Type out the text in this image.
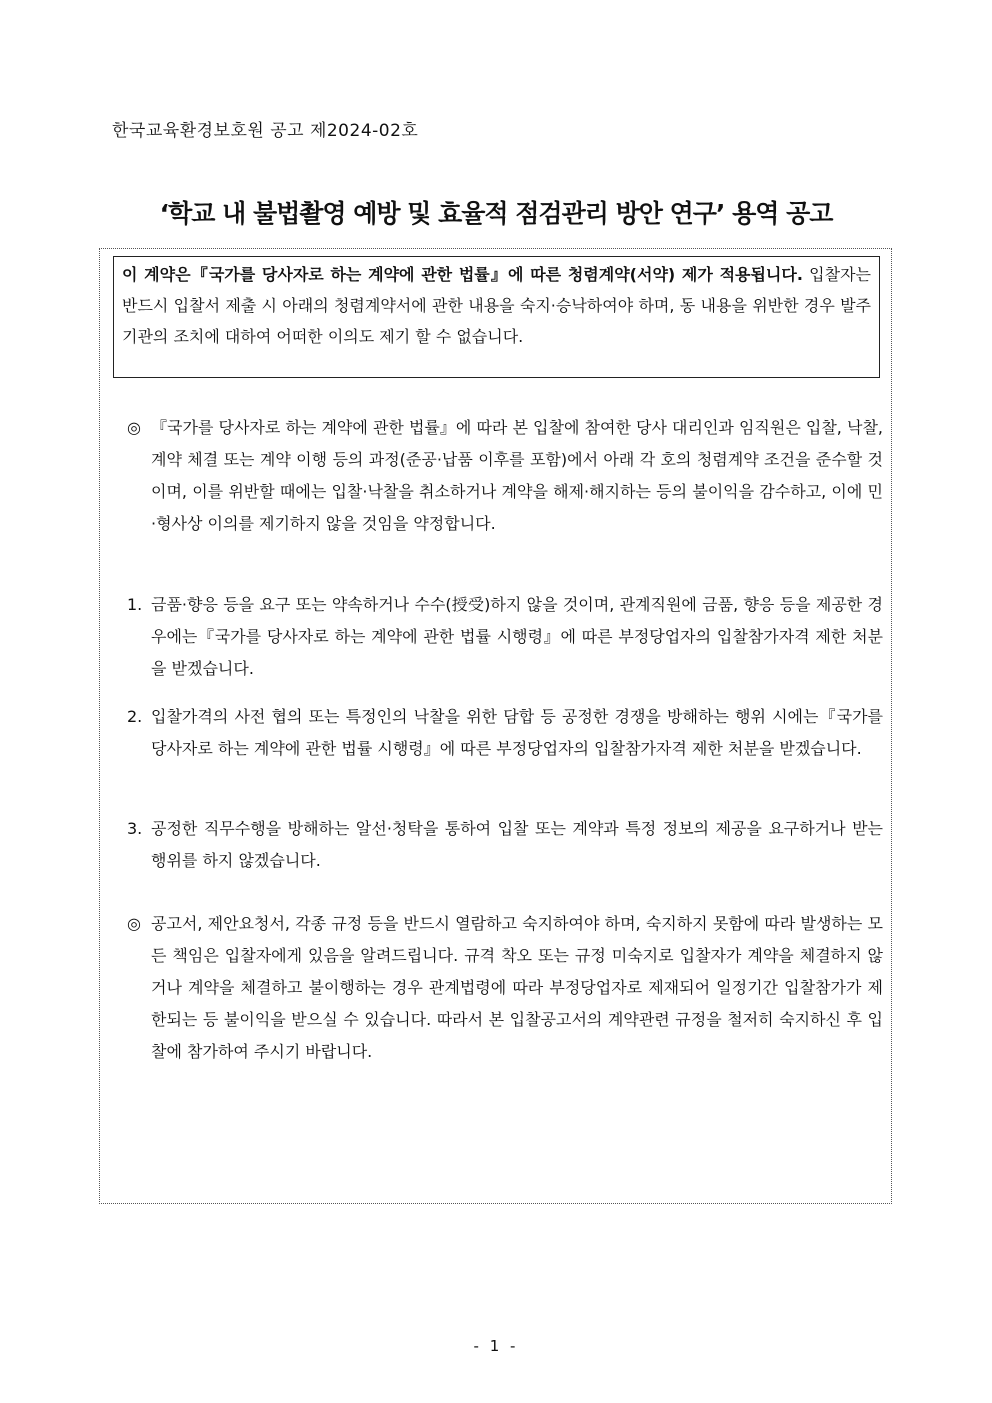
한국교육환경보호원 공고 제2024-02호
‘학교 내 불법촬영 예방 및 효율적 점검관리 방안 연구’ 용역 공고
이 계약은『국가를 당사자로 하는 계약에 관한 법률』에 따른 청렴계약(서약) 제가 적용됩니다. 입찰자는 반드시 입찰서 제출 시 아래의 청렴계약서에 관한 내용을 숙지·승낙하여야 하며, 동 내용을 위반한 경우 발주기관의 조치에 대하여 어떠한 이의도 제기 할 수 없습니다.
◎ 『국가를 당사자로 하는 계약에 관한 법률』에 따라 본 입찰에 참여한 당사 대리인과 임직원은 입찰, 낙찰, 계약 체결 또는 계약 이행 등의 과정(준공·납품 이후를 포함)에서 아래 각 호의 청렴계약 조건을 준수할 것이며, 이를 위반할 때에는 입찰·낙찰을 취소하거나 계약을 해제·해지하는 등의 불이익을 감수하고, 이에 민·형사상 이의를 제기하지 않을 것임을 약정합니다.
1. 금품·향응 등을 요구 또는 약속하거나 수수(授受)하지 않을 것이며, 관계직원에 금품, 향응 등을 제공한 경우에는『국가를 당사자로 하는 계약에 관한 법률 시행령』에 따른 부정당업자의 입찰참가자격 제한 처분을 받겠습니다.
2. 입찰가격의 사전 협의 또는 특정인의 낙찰을 위한 담합 등 공정한 경쟁을 방해하는 행위 시에는『국가를 당사자로 하는 계약에 관한 법률 시행령』에 따른 부정당업자의 입찰참가자격 제한 처분을 받겠습니다.
3. 공정한 직무수행을 방해하는 알선·청탁을 통하여 입찰 또는 계약과 특정 정보의 제공을 요구하거나 받는 행위를 하지 않겠습니다.
◎ 공고서, 제안요청서, 각종 규정 등을 반드시 열람하고 숙지하여야 하며, 숙지하지 못함에 따라 발생하는 모든 책임은 입찰자에게 있음을 알려드립니다. 규격 착오 또는 규정 미숙지로 입찰자가 계약을 체결하지 않거나 계약을 체결하고 불이행하는 경우 관계법령에 따라 부정당업자로 제재되어 일정기간 입찰참가가 제한되는 등 불이익을 받으실 수 있습니다. 따라서 본 입찰공고서의 계약관련 규정을 철저히 숙지하신 후 입찰에 참가하여 주시기 바랍니다.
- 1 -
